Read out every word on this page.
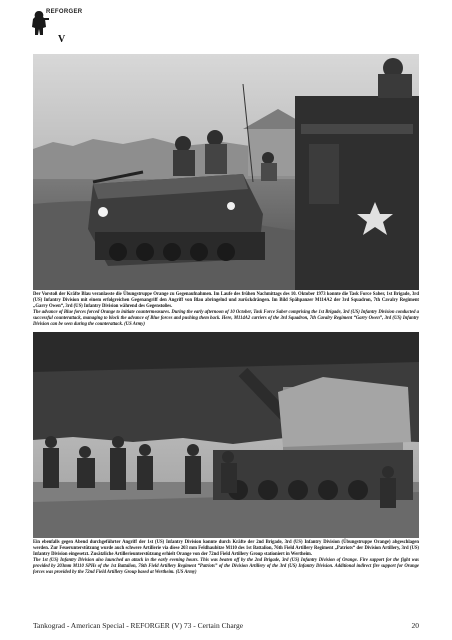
REFORGER
V

Der Vorstoß der Kräfte Blau veranlasste die Übungstruppe Orange zu Gegenaufnahmen. Im Laufe des frühen Nachmittags des 10. Oktober 1973 konnte die Task Force Saber, 1st Brigade, 3rd (US) Infantry Division mit einem erfolgreichen Gegenangriff den Angriff von Blau abringelnd und zurückdrängen. Im Bild Spähpanzer M114A2 der 3rd Squadron, 7th Cavalry Regiment „Garry Owen“, 3rd (US) Infantry Division während des Gegenstoßes.

The advance of Blue forces forced Orange to initiate countermeasures. During the early afternoon of 10 October, Task Force Saber comprising the 1st Brigade, 3rd (US) Infantry Division conducted a successful counterattack, managing to block the advance of Blue forces and pushing them back. Here, M114A2 carriers of the 3rd Squadron, 7th Cavalry Regiment “Garry Owen”, 3rd (US) Infantry Division can be seen during the counterattack. (US Army)

Ein ebenfalls gegen Abend durchgeführter Angriff der 1st (US) Infantry Division konnte durch Kräfte der 2nd Brigade, 3rd (US) Infantry Division (Übungstruppe Orange) abgeschlagen werden. Zur Feuerunterstützung wurde auch schwere Artillerie via diese 203 mm Feldhaubitze M110 des 1st Battalion, 76th Field Artillery Regiment „Patriots“ der Division Artillery, 3rd (US) Infantry Division eingesetzt. Zusätzliche Artillerieunterstützung erhielt Orange von der 72nd Field Artillery Group stationiert in Wertheim.

The 1st (US) Infantry Division also launched an attack in the early evening hours. This was beaten off by the 2nd Brigade, 3rd (US) Infantry Division of Orange. Fire support for the fight was provided by 203mm M110 SPHs of the 1st Battalion, 76th Field Artillery Regiment “Patriots” of the Division Artillery of the 3rd (US) Infantry Division. Additional indirect fire support for Orange forces was provided by the 72nd Field Artillery Group based at Wertheim. (US Army)

Tankograd - American Special - REFORGER (V) 73 - Certain Charge	20
